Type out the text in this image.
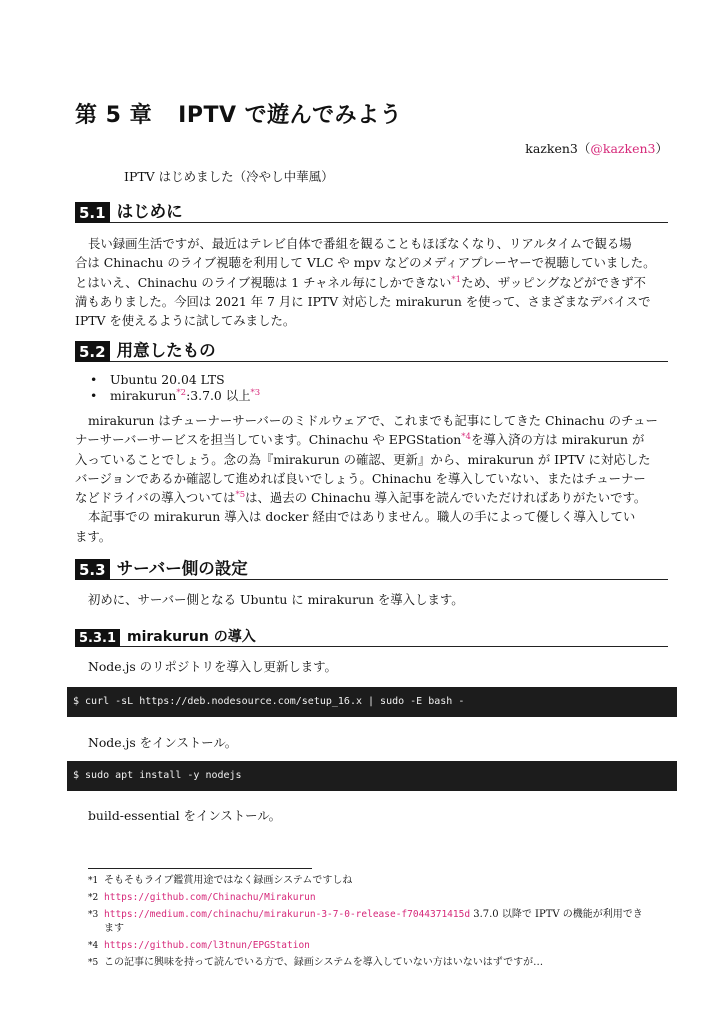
第 5 章 IPTV で遊んでみよう
kazken3（@kazken3）
IPTV はじめました（冷やし中華風）
5.1 はじめに
長い録画生活ですが、最近はテレビ自体で番組を観ることもほぼなくなり、リアルタイムで観る場
合は Chinachu のライブ視聴を利用して VLC や mpv などのメディアプレーヤーで視聴していました。
とはいえ、Chinachu のライブ視聴は 1 チャネル毎にしかできない$^{*1}$ため、ザッピングなどができず不
満もありました。今回は 2021 年 7 月に IPTV 対応した mirakurun を使って、さまざまなデバイスで
IPTV を使えるように試してみました。
5.2 用意したもの
• Ubuntu 20.04 LTS
• mirakurun$^{*2}$:3.7.0 以上$^{*3}$
mirakurun はチューナーサーバーのミドルウェアで、これまでも記事にしてきた Chinachu のチュー
ナーサーバーサービスを担当しています。Chinachu や EPGStation$^{*4}$を導入済の方は mirakurun が
入っていることでしょう。念の為『mirakurun の確認、更新』から、mirakurun が IPTV に対応した
バージョンであるか確認して進めれば良いでしょう。Chinachu を導入していない、またはチューナー
などドライバの導入ついては$^{*5}$は、過去の Chinachu 導入記事を読んでいただければありがたいです。
本記事での mirakurun 導入は docker 経由ではありません。職人の手によって優しく導入してい
ます。
5.3 サーバー側の設定
初めに、サーバー側となる Ubuntu に mirakurun を導入します。
5.3.1 mirakurun の導入
Node.js のリポジトリを導入し更新します。
$ curl -sL https://deb.nodesource.com/setup_16.x | sudo -E bash -
Node.js をインストール。
$ sudo apt install -y nodejs
build-essential をインストール。
*1 そもそもライブ鑑賞用途ではなく録画システムですしね
*2 https://github.com/Chinachu/Mirakurun
*3 https://medium.com/chinachu/mirakurun-3-7-0-release-f7044371415d 3.7.0 以降で IPTV の機能が利用でき
ます
*4 https://github.com/l3tnun/EPGStation
*5 この記事に興味を持って読んでいる方で、録画システムを導入していない方はいないはずですが…
